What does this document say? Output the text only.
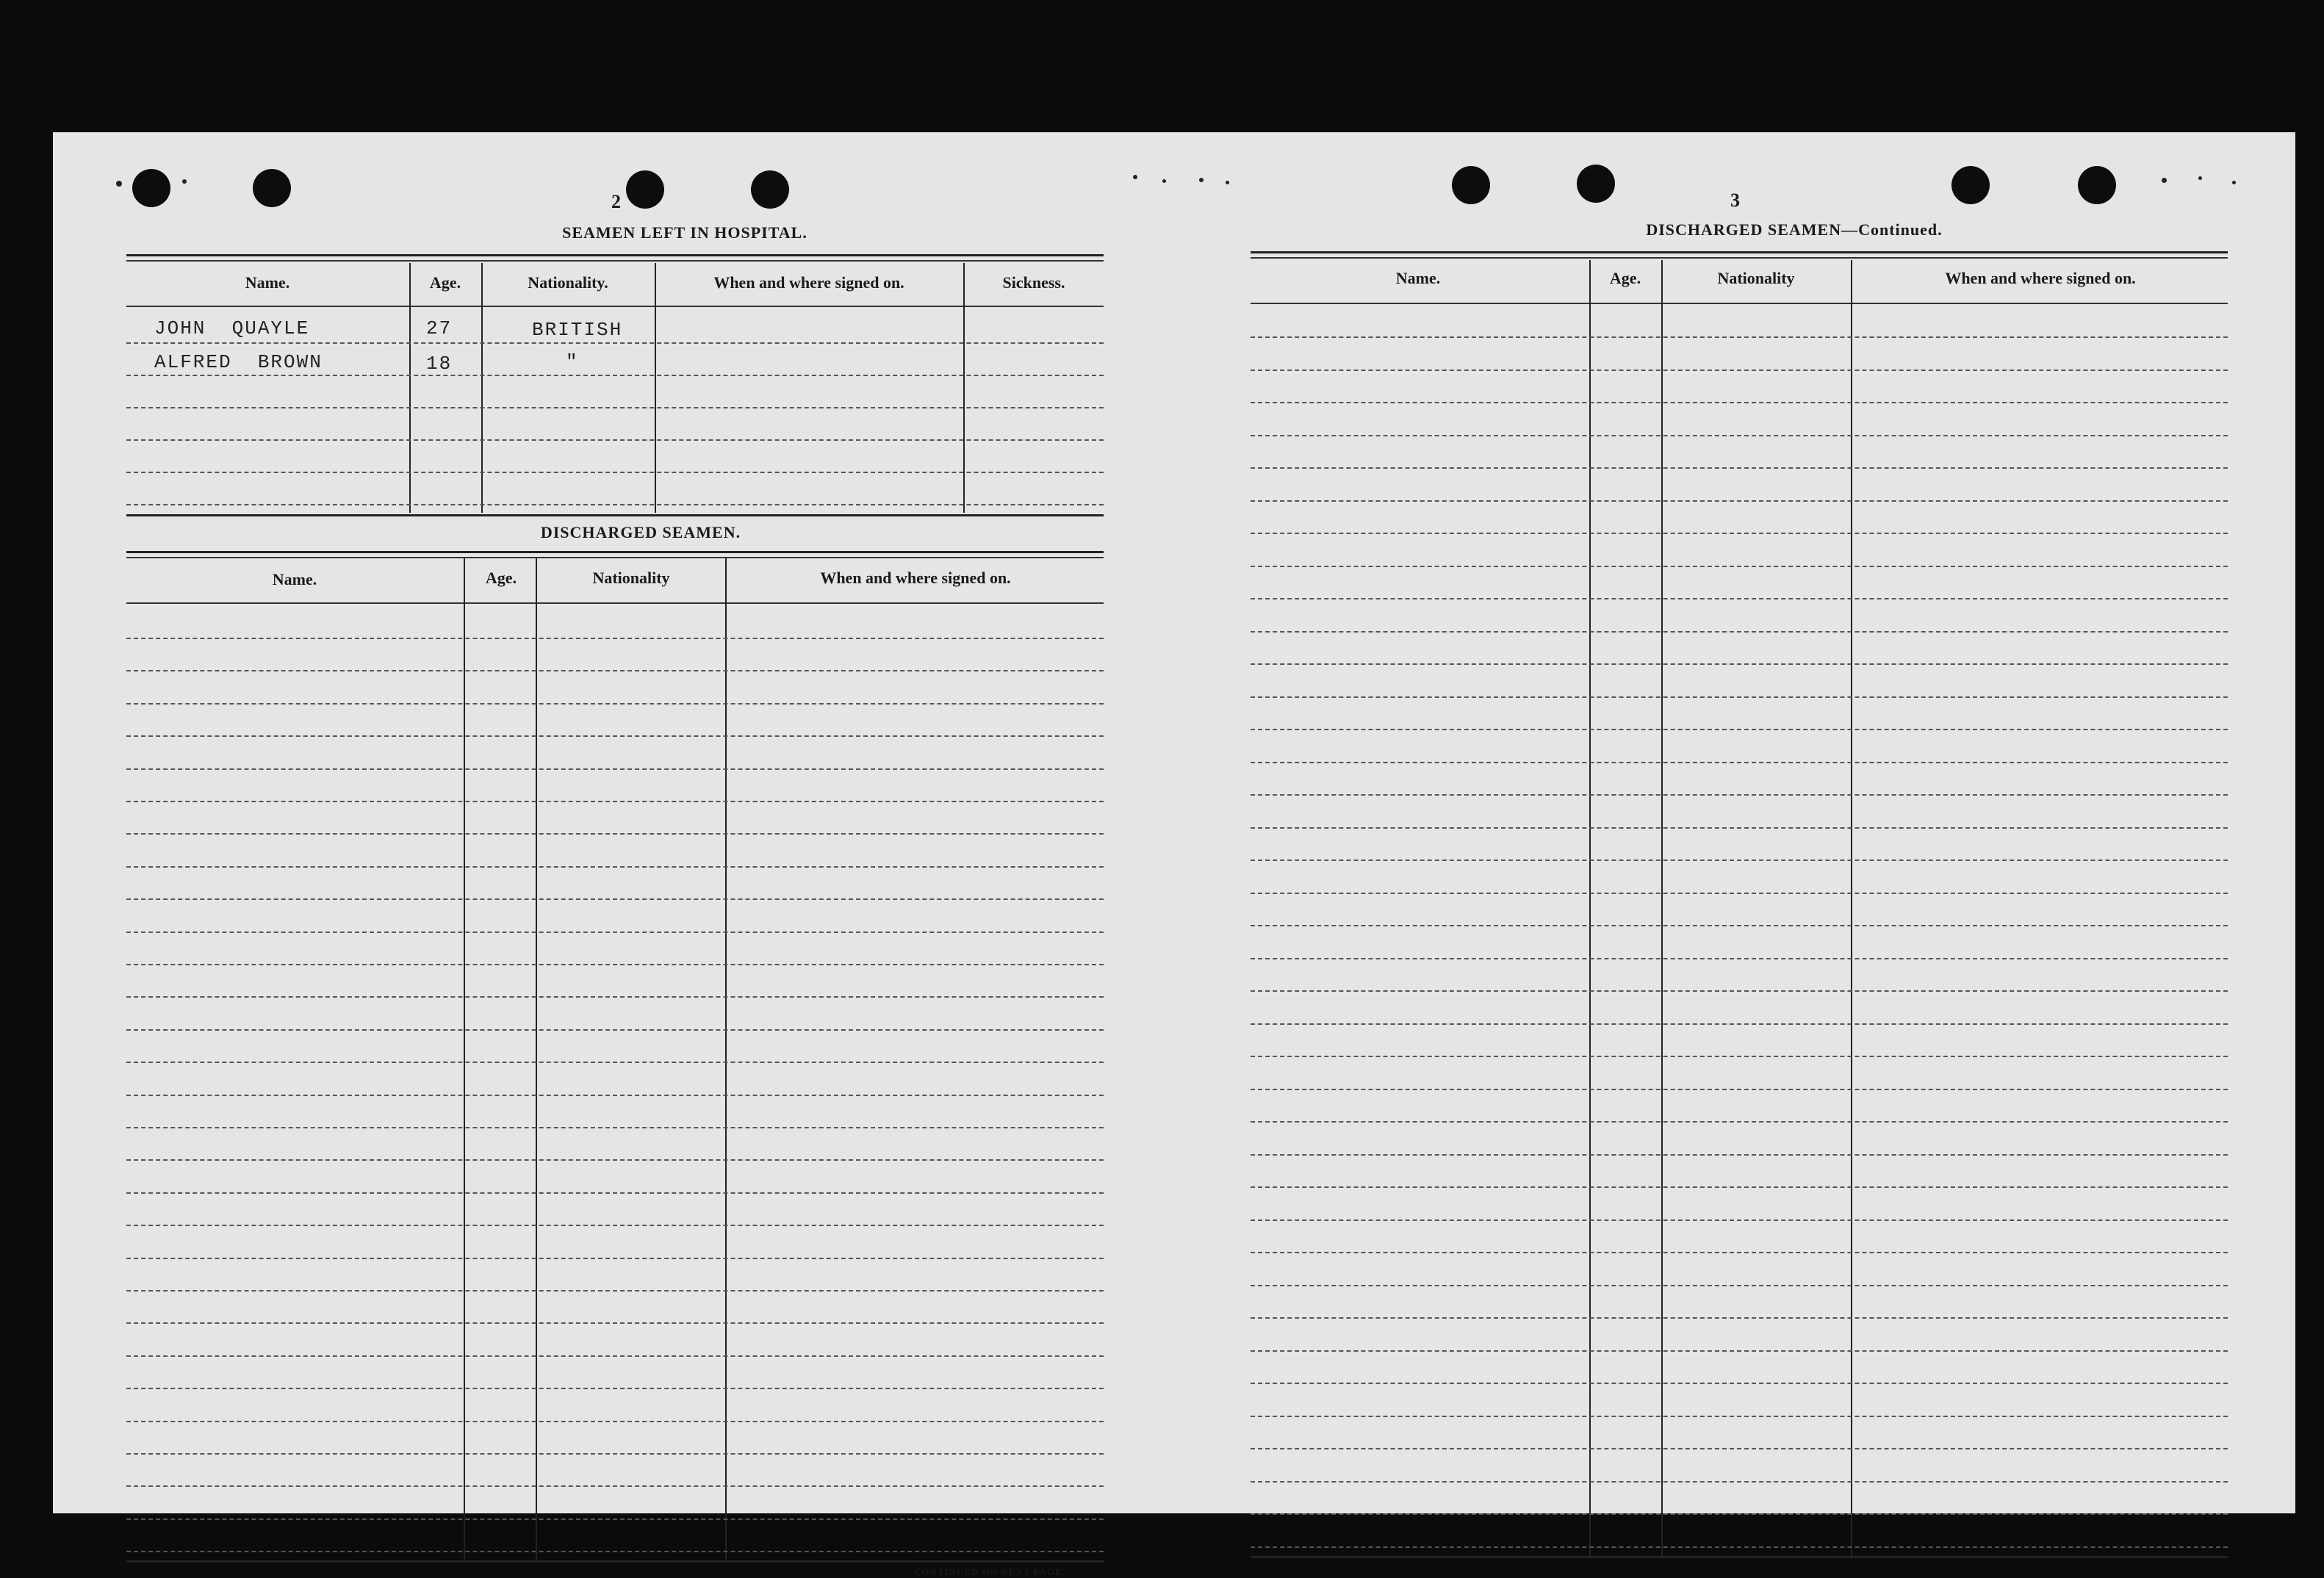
2
SEAMEN LEFT IN HOSPITAL.
Name.	Age.	Nationality.	When and where signed on.	Sickness.
JOHN  QUAYLE	27	BRITISH
ALFRED  BROWN	18	"
DISCHARGED SEAMEN.
Name.	Age.	Nationality	When and where signed on.
CONTINUED ON NEXT PAGE.
3
DISCHARGED SEAMEN—Continued.
Name.	Age.	Nationality	When and where signed on.
